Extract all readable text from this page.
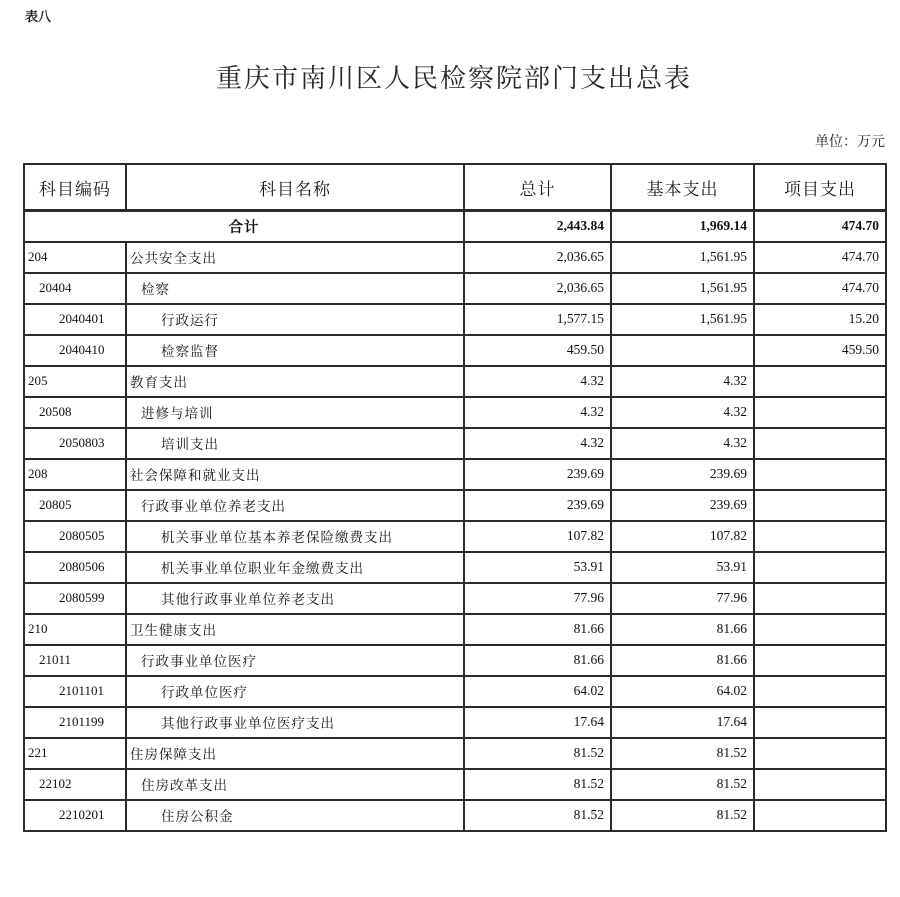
表八
重庆市南川区人民检察院部门支出总表
单位：万元
科目编码	科目名称	总计	基本支出	项目支出
合计		2,443.84	1,969.14	474.70
204	公共安全支出	2,036.65	1,561.95	474.70
20404	检察	2,036.65	1,561.95	474.70
2040401	行政运行	1,577.15	1,561.95	15.20
2040410	检察监督	459.50		459.50
205	教育支出	4.32	4.32	
20508	进修与培训	4.32	4.32	
2050803	培训支出	4.32	4.32	
208	社会保障和就业支出	239.69	239.69	
20805	行政事业单位养老支出	239.69	239.69	
2080505	机关事业单位基本养老保险缴费支出	107.82	107.82	
2080506	机关事业单位职业年金缴费支出	53.91	53.91	
2080599	其他行政事业单位养老支出	77.96	77.96	
210	卫生健康支出	81.66	81.66	
21011	行政事业单位医疗	81.66	81.66	
2101101	行政单位医疗	64.02	64.02	
2101199	其他行政事业单位医疗支出	17.64	17.64	
221	住房保障支出	81.52	81.52	
22102	住房改革支出	81.52	81.52	
2210201	住房公积金	81.52	81.52	
